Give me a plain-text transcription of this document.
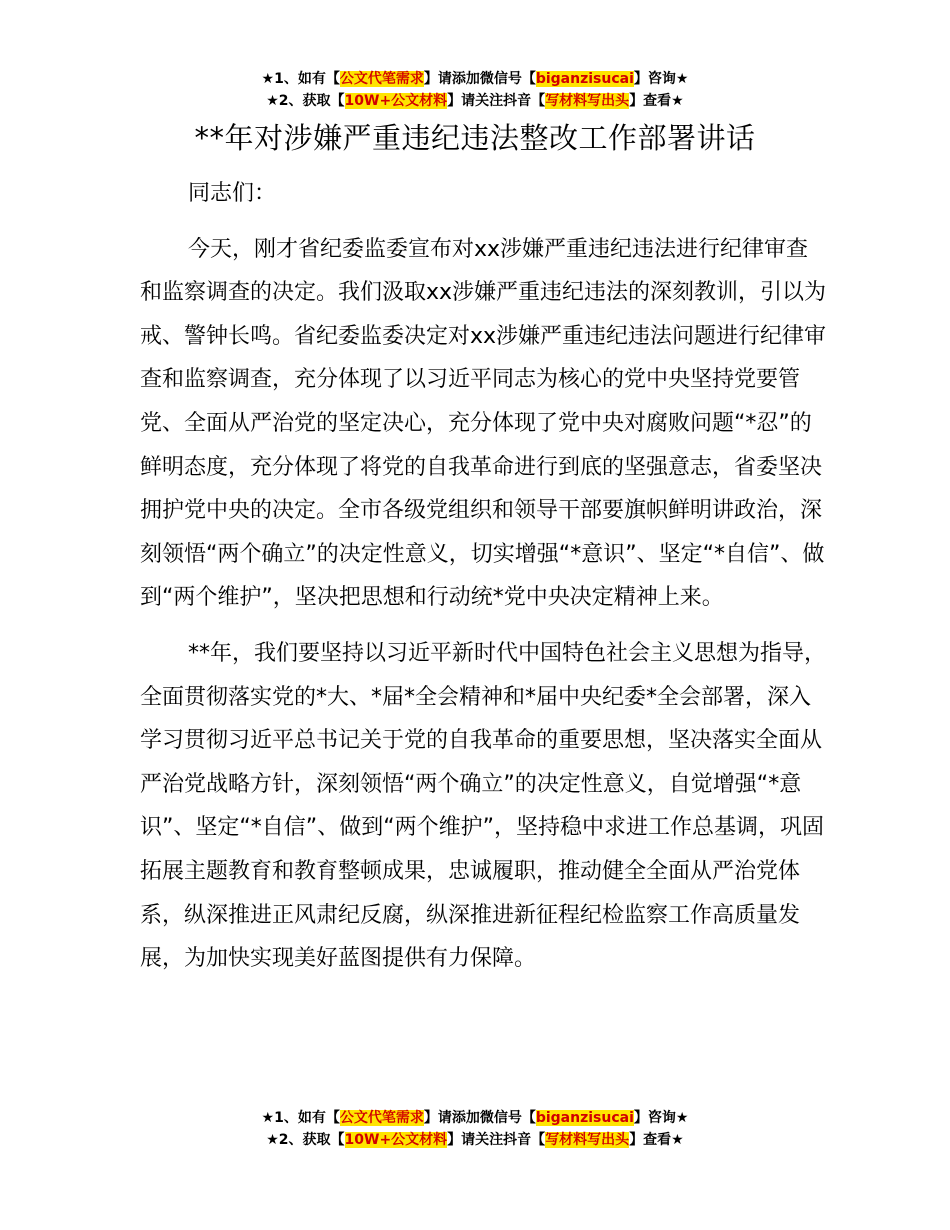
★1、如有【公文代笔需求】请添加微信号【biganzisucai】咨询★
★2、获取【10W+公文材料】请关注抖音【写材料写出头】查看★
**年对涉嫌严重违纪违法整改工作部署讲话

同志们：

今天，刚才省纪委监委宣布对xx涉嫌严重违纪违法进行纪律审查和监察调查的决定。我们汲取xx涉嫌严重违纪违法的深刻教训，引以为戒、警钟长鸣。省纪委监委决定对xx涉嫌严重违纪违法问题进行纪律审查和监察调查，充分体现了以习近平同志为核心的党中央坚持党要管党、全面从严治党的坚定决心，充分体现了党中央对腐败问题“*忍”的鲜明态度，充分体现了将党的自我革命进行到底的坚强意志，省委坚决拥护党中央的决定。全市各级党组织和领导干部要旗帜鲜明讲政治，深刻领悟“两个确立”的决定性意义，切实增强“*意识”、坚定“*自信”、做到“两个维护”，坚决把思想和行动统*党中央决定精神上来。

**年，我们要坚持以习近平新时代中国特色社会主义思想为指导，全面贯彻落实党的*大、*届*全会精神和*届中央纪委*全会部署，深入学习贯彻习近平总书记关于党的自我革命的重要思想，坚决落实全面从严治党战略方针，深刻领悟“两个确立”的决定性意义，自觉增强“*意识”、坚定“*自信”、做到“两个维护”，坚持稳中求进工作总基调，巩固拓展主题教育和教育整顿成果，忠诚履职，推动健全全面从严治党体系，纵深推进正风肃纪反腐，纵深推进新征程纪检监察工作高质量发展，为加快实现美好蓝图提供有力保障。

★1、如有【公文代笔需求】请添加微信号【biganzisucai】咨询★
★2、获取【10W+公文材料】请关注抖音【写材料写出头】查看★
